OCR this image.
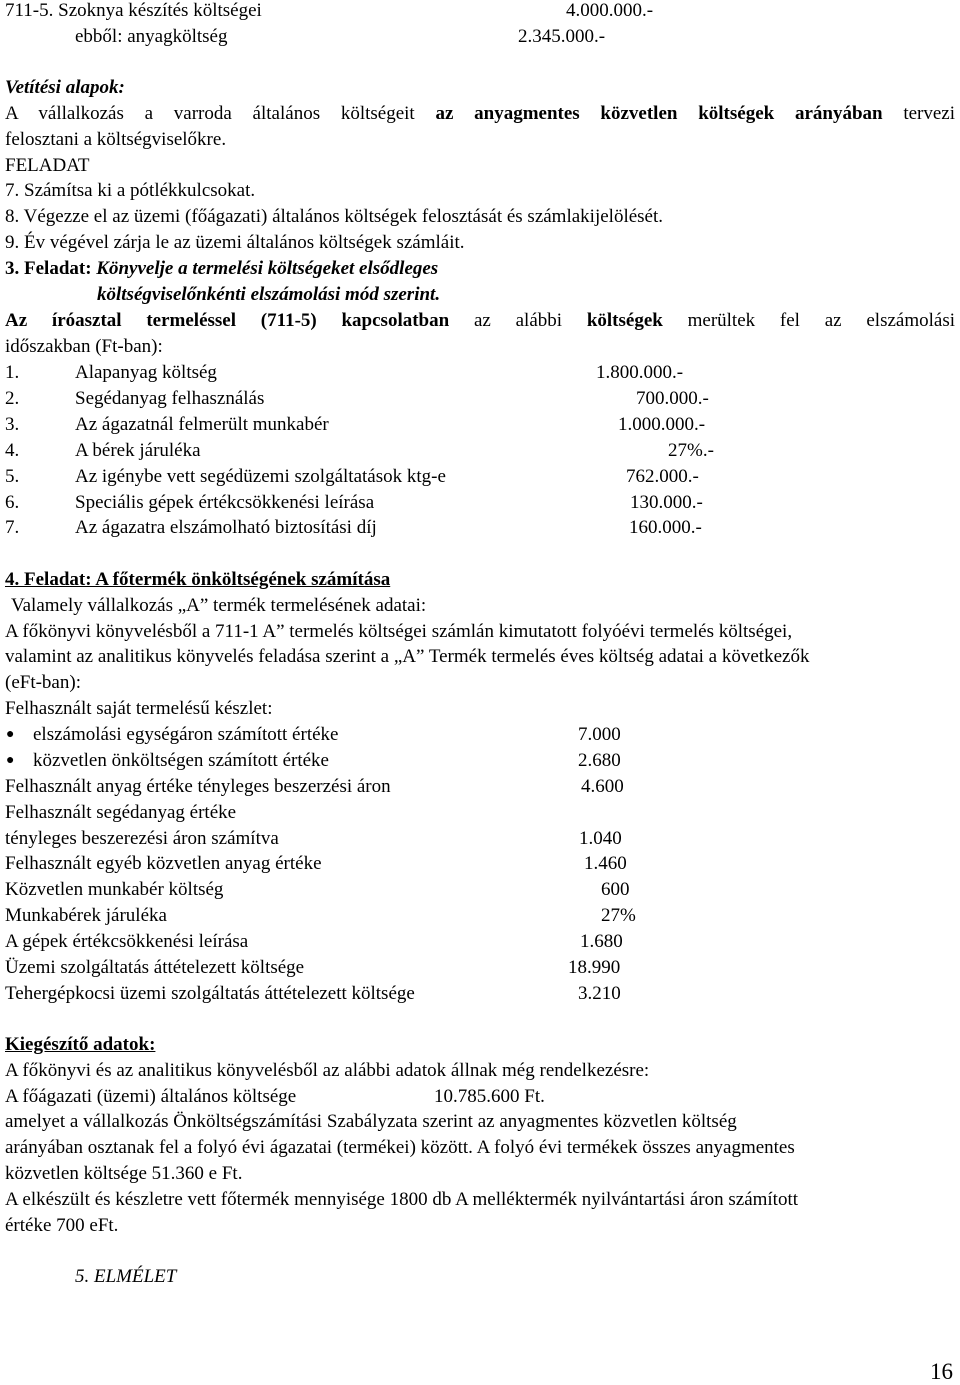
711-5. Szoknya készítés költségei	4.000.000.-
ebből: anyagköltség	2.345.000.-
Vetítési alapok:
A vállalkozás a varroda általános költségeit az anyagmentes közvetlen költségek arányában tervezi
felosztani a költségviselőkre.
FELADAT
7. Számítsa ki a pótlékkulcsokat.
8. Végezze el az üzemi (főágazati) általános költségek felosztását és számlakijelölését.
9. Év végével zárja le az üzemi általános költségek számláit.
3. Feladat: Könyvelje a termelési költségeket elsődleges
költségviselőnkénti elszámolási mód szerint.
Az íróasztal termeléssel (711-5) kapcsolatban az alábbi költségek merültek fel az elszámolási
időszakban (Ft-ban):
1.	Alapanyag költség	1.800.000.-
2.	Segédanyag felhasználás	700.000.-
3.	Az ágazatnál felmerült munkabér	1.000.000.-
4.	A bérek járuléka	27%.-
5.	Az igénybe vett segédüzemi szolgáltatások ktg-e	762.000.-
6.	Speciális gépek értékcsökkenési leírása	130.000.-
7.	Az ágazatra elszámolható biztosítási díj	160.000.-
4. Feladat: A főtermék önköltségének számítása
Valamely vállalkozás „A” termék termelésének adatai:
A főkönyvi könyvelésből a 711-1 A” termelés költségei számlán kimutatott folyóévi termelés költségei,
valamint az analitikus könyvelés feladása szerint a „A” Termék termelés éves költség adatai a következők
(eFt-ban):
Felhasznált saját termelésű készlet:
● elszámolási egységáron számított értéke	7.000
● közvetlen önköltségen számított értéke	2.680
Felhasznált anyag értéke tényleges beszerzési áron	4.600
Felhasznált segédanyag értéke
tényleges beszerezési áron számítva	1.040
Felhasznált egyéb közvetlen anyag értéke	1.460
Közvetlen munkabér költség	600
Munkabérek járuléka	27%
A gépek értékcsökkenési leírása	1.680
Üzemi szolgáltatás áttételezett költsége	18.990
Tehergépkocsi üzemi szolgáltatás áttételezett költsége	3.210
Kiegészítő adatok:
A főkönyvi és az analitikus könyvelésből az alábbi adatok állnak még rendelkezésre:
A főágazati (üzemi) általános költsége	10.785.600 Ft.
amelyet a vállalkozás Önköltségszámítási Szabályzata szerint az anyagmentes közvetlen költség
arányában osztanak fel a folyó évi ágazatai (termékei) között. A folyó évi termékek összes anyagmentes
közvetlen költsége 51.360 e Ft.
A elkészült és készletre vett főtermék mennyisége 1800 db A melléktermék nyilvántartási áron számított
értéke 700 eFt.
5. ELMÉLET
16
